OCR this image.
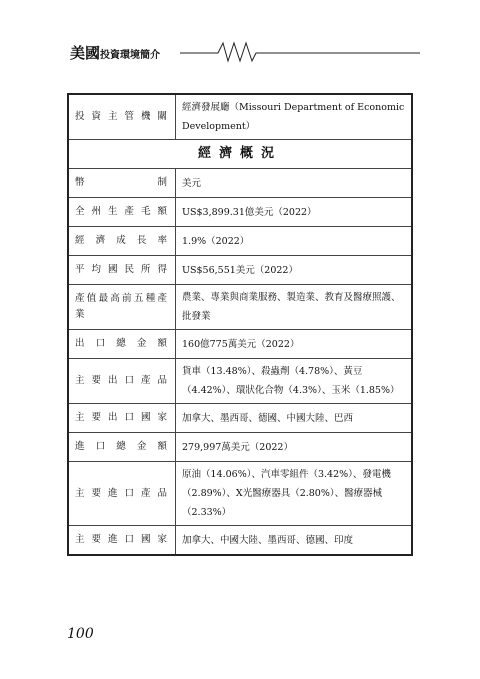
美國投資環境簡介
投資主管機關	經濟發展廳（Missouri Department of Economic Development）
經濟概況	
幣制	美元
全州生產毛額	US$3,899.31億美元（2022）
經濟成長率	1.9%（2022）
平均國民所得	US$56,551美元（2022）
產值最高前五種產業	農業、專業與商業服務、製造業、教育及醫療照護、批發業
出口總金額	160億775萬美元（2022）
主要出口產品	貨車（13.48%）、殺蟲劑（4.78%）、黃豆（4.42%）、環狀化合物（4.3%）、玉米（1.85%）
主要出口國家	加拿大、墨西哥、德國、中國大陸、巴西
進口總金額	279,997萬美元（2022）
主要進口產品	原油（14.06%）、汽車零組件（3.42%）、發電機（2.89%）、X光醫療器具（2.80%）、醫療器械（2.33%）
主要進口國家	加拿大、中國大陸、墨西哥、德國、印度
100
